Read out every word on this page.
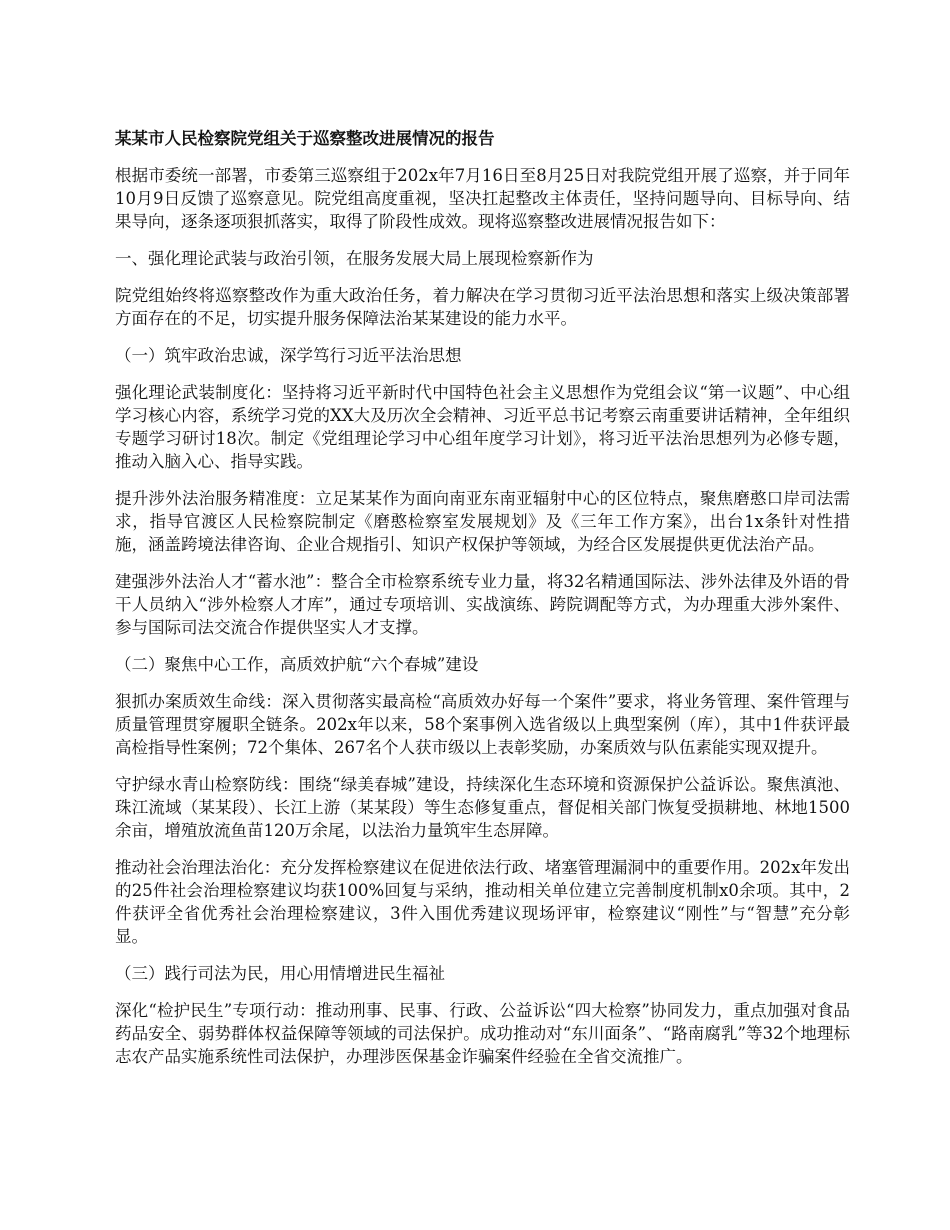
某某市人民检察院党组关于巡察整改进展情况的报告
根据市委统一部署，市委第三巡察组于202x年7月16日至8月25日对我院党组开展了巡察，并于同年10月9日反馈了巡察意见。院党组高度重视，坚决扛起整改主体责任，坚持问题导向、目标导向、结果导向，逐条逐项狠抓落实，取得了阶段性成效。现将巡察整改进展情况报告如下：
一、强化理论武装与政治引领，在服务发展大局上展现检察新作为
院党组始终将巡察整改作为重大政治任务，着力解决在学习贯彻习近平法治思想和落实上级决策部署方面存在的不足，切实提升服务保障法治某某建设的能力水平。
（一）筑牢政治忠诚，深学笃行习近平法治思想
强化理论武装制度化：坚持将习近平新时代中国特色社会主义思想作为党组会议“第一议题”、中心组学习核心内容，系统学习党的XX大及历次全会精神、习近平总书记考察云南重要讲话精神，全年组织专题学习研讨18次。制定《党组理论学习中心组年度学习计划》，将习近平法治思想列为必修专题，推动入脑入心、指导实践。
提升涉外法治服务精准度：立足某某作为面向南亚东南亚辐射中心的区位特点，聚焦磨憨口岸司法需求，指导官渡区人民检察院制定《磨憨检察室发展规划》及《三年工作方案》，出台1x条针对性措施，涵盖跨境法律咨询、企业合规指引、知识产权保护等领域，为经合区发展提供更优法治产品。
建强涉外法治人才“蓄水池”：整合全市检察系统专业力量，将32名精通国际法、涉外法律及外语的骨干人员纳入“涉外检察人才库”，通过专项培训、实战演练、跨院调配等方式，为办理重大涉外案件、参与国际司法交流合作提供坚实人才支撑。
（二）聚焦中心工作，高质效护航“六个春城”建设
狠抓办案质效生命线：深入贯彻落实最高检“高质效办好每一个案件”要求，将业务管理、案件管理与质量管理贯穿履职全链条。202x年以来，58个案事例入选省级以上典型案例（库），其中1件获评最高检指导性案例；72个集体、267名个人获市级以上表彰奖励，办案质效与队伍素能实现双提升。
守护绿水青山检察防线：围绕“绿美春城”建设，持续深化生态环境和资源保护公益诉讼。聚焦滇池、珠江流域（某某段）、长江上游（某某段）等生态修复重点，督促相关部门恢复受损耕地、林地1500余亩，增殖放流鱼苗120万余尾，以法治力量筑牢生态屏障。
推动社会治理法治化：充分发挥检察建议在促进依法行政、堵塞管理漏洞中的重要作用。202x年发出的25件社会治理检察建议均获100%回复与采纳，推动相关单位建立完善制度机制x0余项。其中，2件获评全省优秀社会治理检察建议，3件入围优秀建议现场评审，检察建议“刚性”与“智慧”充分彰显。
（三）践行司法为民，用心用情增进民生福祉
深化“检护民生”专项行动：推动刑事、民事、行政、公益诉讼“四大检察”协同发力，重点加强对食品药品安全、弱势群体权益保障等领域的司法保护。成功推动对“东川面条”、“路南腐乳”等32个地理标志农产品实施系统性司法保护，办理涉医保基金诈骗案件经验在全省交流推广。
